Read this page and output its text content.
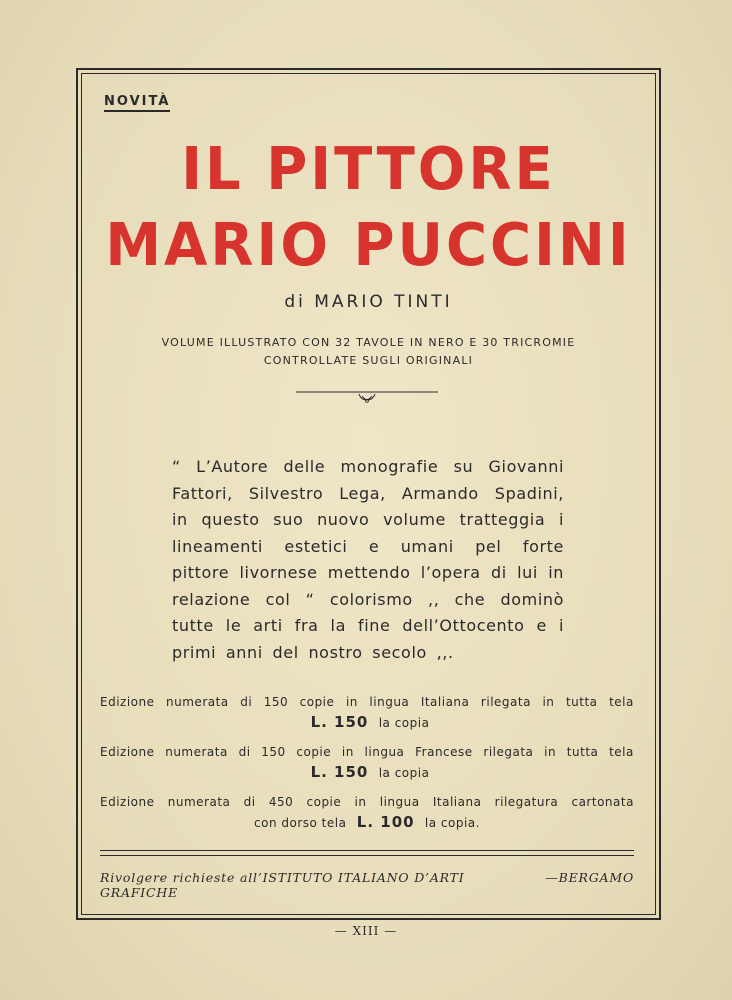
NOVITÀ
IL PITTORE
MARIO PUCCINI
di MARIO TINTI
VOLUME ILLUSTRATO CON 32 TAVOLE IN NERO E 30 TRICROMIE
CONTROLLATE SUGLI ORIGINALI
“ L’Autore delle monografie su Giovanni Fattori, Silvestro Lega, Armando Spadini, in questo suo nuovo volume tratteggia i lineamenti estetici e umani pel forte pittore livornese mettendo l’opera di lui in relazione col “ colorismo ,, che dominò tutte le arti fra la fine dell’Ottocento e i primi anni del nostro secolo ,,.
Edizione numerata di 150 copie in lingua Italiana rilegata in tutta tela
L. 150 la copia
Edizione numerata di 150 copie in lingua Francese rilegata in tutta tela
L. 150 la copia
Edizione numerata di 450 copie in lingua Italiana rilegatura cartonata
con dorso tela L. 100 la copia.
Rivolgere richieste all’ISTITUTO ITALIANO D’ARTI GRAFICHE
— BERGAMO
— XIII —
